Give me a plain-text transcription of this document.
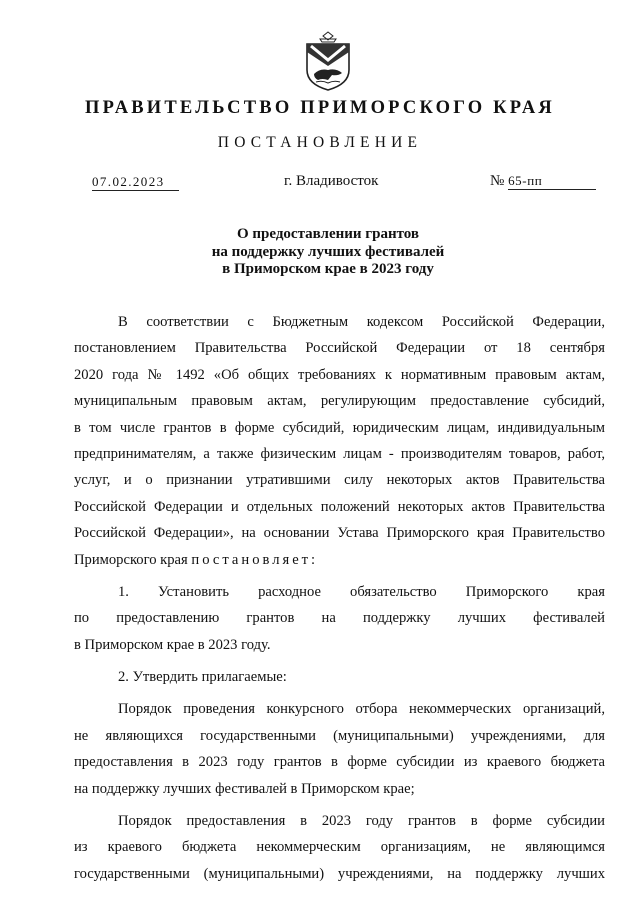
ПРАВИТЕЛЬСТВО ПРИМОРСКОГО КРАЯ
ПОСТАНОВЛЕНИЕ
07.02.2023	г. Владивосток	№ 65-пп
О предоставлении грантов
на поддержку лучших фестивалей
в Приморском крае в 2023 году
В соответствии с Бюджетным кодексом Российской Федерации,
постановлением Правительства Российской Федерации от 18 сентября
2020 года № 1492 «Об общих требованиях к нормативным правовым актам,
муниципальным правовым актам, регулирующим предоставление субсидий,
в том числе грантов в форме субсидий, юридическим лицам, индивидуальным
предпринимателям, а также физическим лицам - производителям товаров, работ,
услуг, и о признании утратившими силу некоторых актов Правительства
Российской Федерации и отдельных положений некоторых актов Правительства
Российской Федерации», на основании Устава Приморского края Правительство
Приморского края постановляет:
1. Установить расходное обязательство Приморского края
по предоставлению грантов на поддержку лучших фестивалей
в Приморском крае в 2023 году.
2. Утвердить прилагаемые:
Порядок проведения конкурсного отбора некоммерческих организаций,
не являющихся государственными (муниципальными) учреждениями, для
предоставления в 2023 году грантов в форме субсидии из краевого бюджета
на поддержку лучших фестивалей в Приморском крае;
Порядок предоставления в 2023 году грантов в форме субсидии
из краевого бюджета некоммерческим организациям, не являющимся
государственными (муниципальными) учреждениями, на поддержку лучших
